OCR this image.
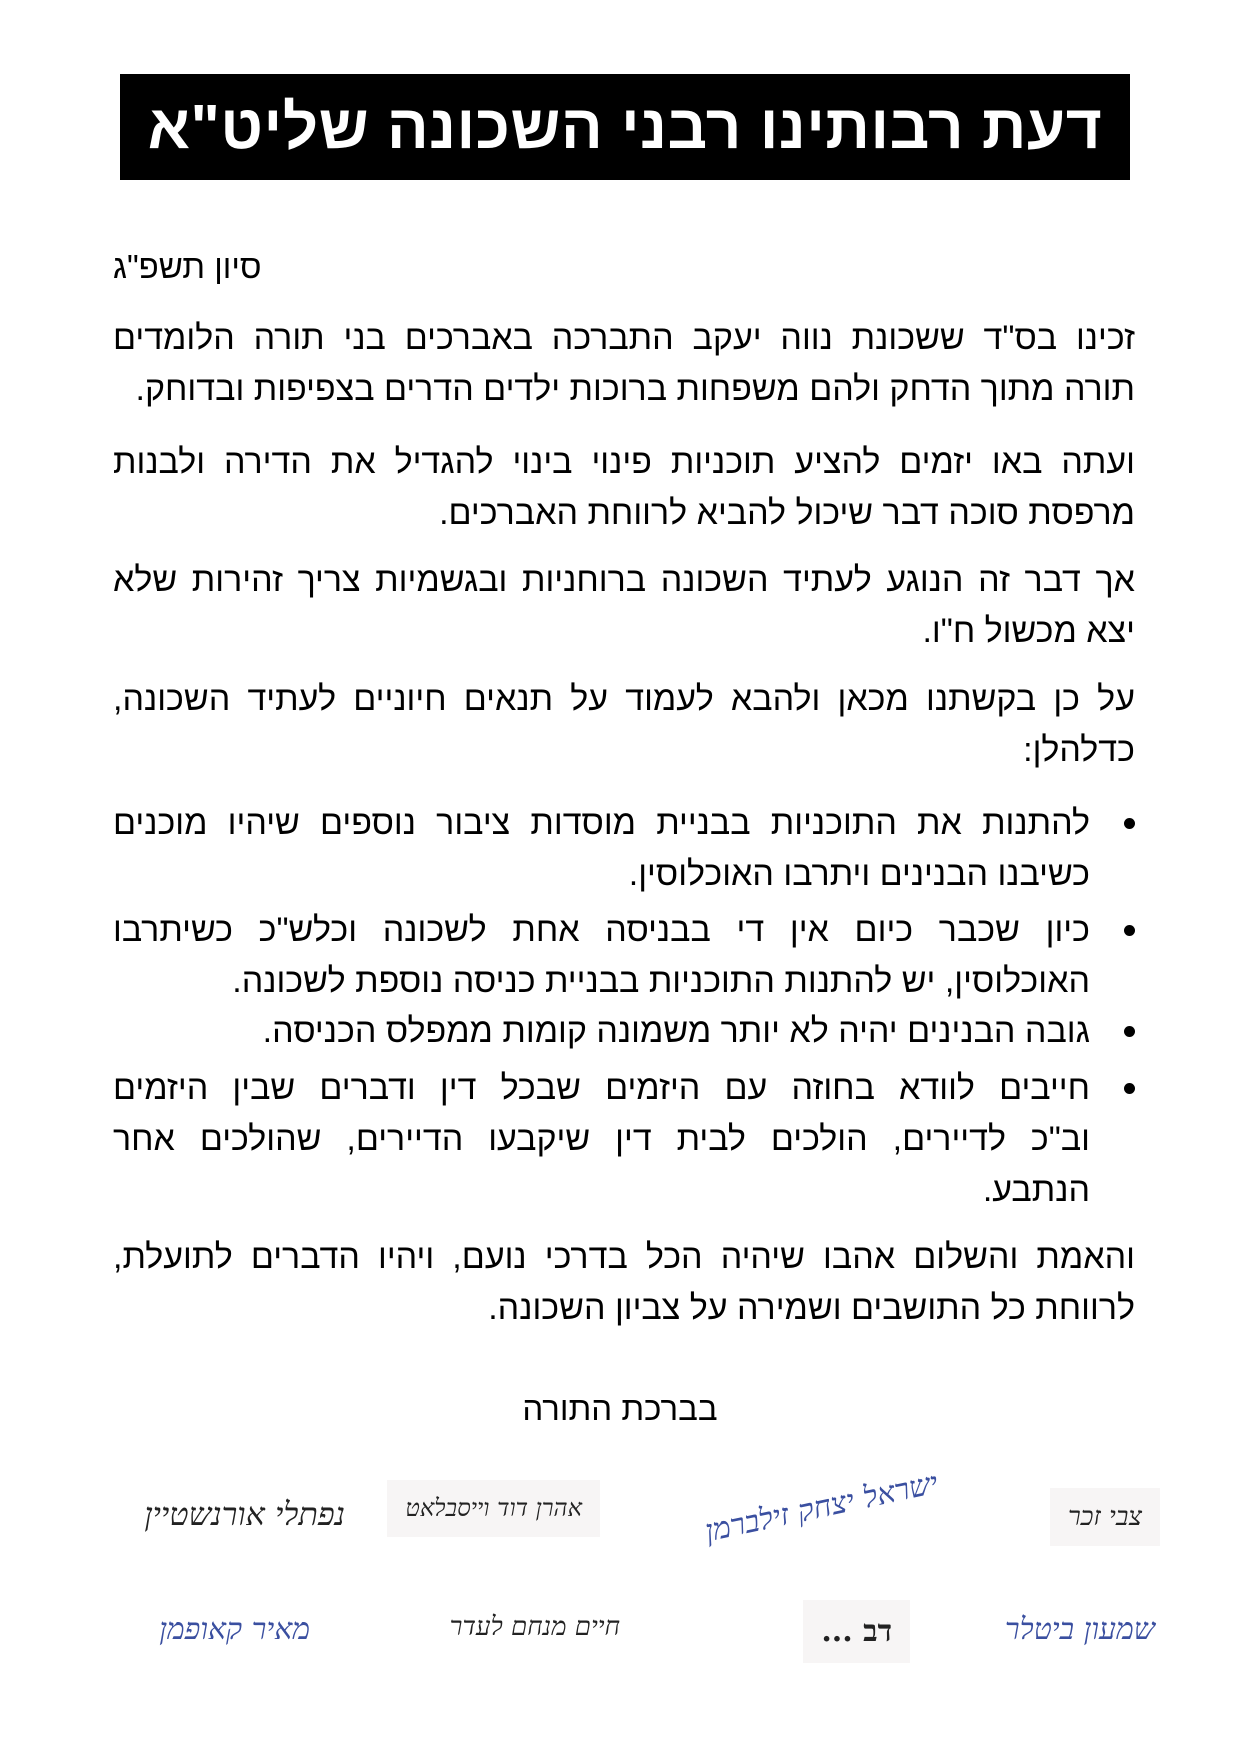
דעת רבותינו רבני השכונה שליט"א
סיון תשפ"ג
זכינו בס"ד ששכונת נווה יעקב התברכה באברכים בני תורה הלומדים
תורה מתוך הדחק ולהם משפחות ברוכות ילדים הדרים בצפיפות ובדוחק.
ועתה באו יזמים להציע תוכניות פינוי בינוי להגדיל את הדירה ולבנות
מרפסת סוכה דבר שיכול להביא לרווחת האברכים.
אך דבר זה הנוגע לעתיד השכונה ברוחניות ובגשמיות צריך זהירות שלא
יצא מכשול ח"ו.
על כן בקשתנו מכאן ולהבא לעמוד על תנאים חיוניים לעתיד השכונה,
כדלהלן:
להתנות את התוכניות בבניית מוסדות ציבור נוספים שיהיו מוכנים
כשיבנו הבנינים ויתרבו האוכלוסין.
כיון שכבר כיום אין די בבניסה אחת לשכונה וכלש"כ כשיתרבו
האוכלוסין, יש להתנות התוכניות בבניית כניסה נוספת לשכונה.
גובה הבנינים יהיה לא יותר משמונה קומות ממפלס הכניסה.
חייבים לוודא בחוזה עם היזמים שבכל דין ודברים שבין היזמים
וב"כ לדיירים, הולכים לבית דין שיקבעו הדיירים, שהולכים אחר
הנתבע.
והאמת והשלום אהבו שיהיה הכל בדרכי נועם, ויהיו הדברים לתועלת,
לרווחת כל התושבים ושמירה על צביון השכונה.
בברכת התורה
צבי זכר
ישראל יצחק זילברמן
אהרן דוד וייסבלאט
נפתלי אורנשטיין
שמעון ביטלר
דב ...
חיים מנחם לעדר
מאיר קאופמן
